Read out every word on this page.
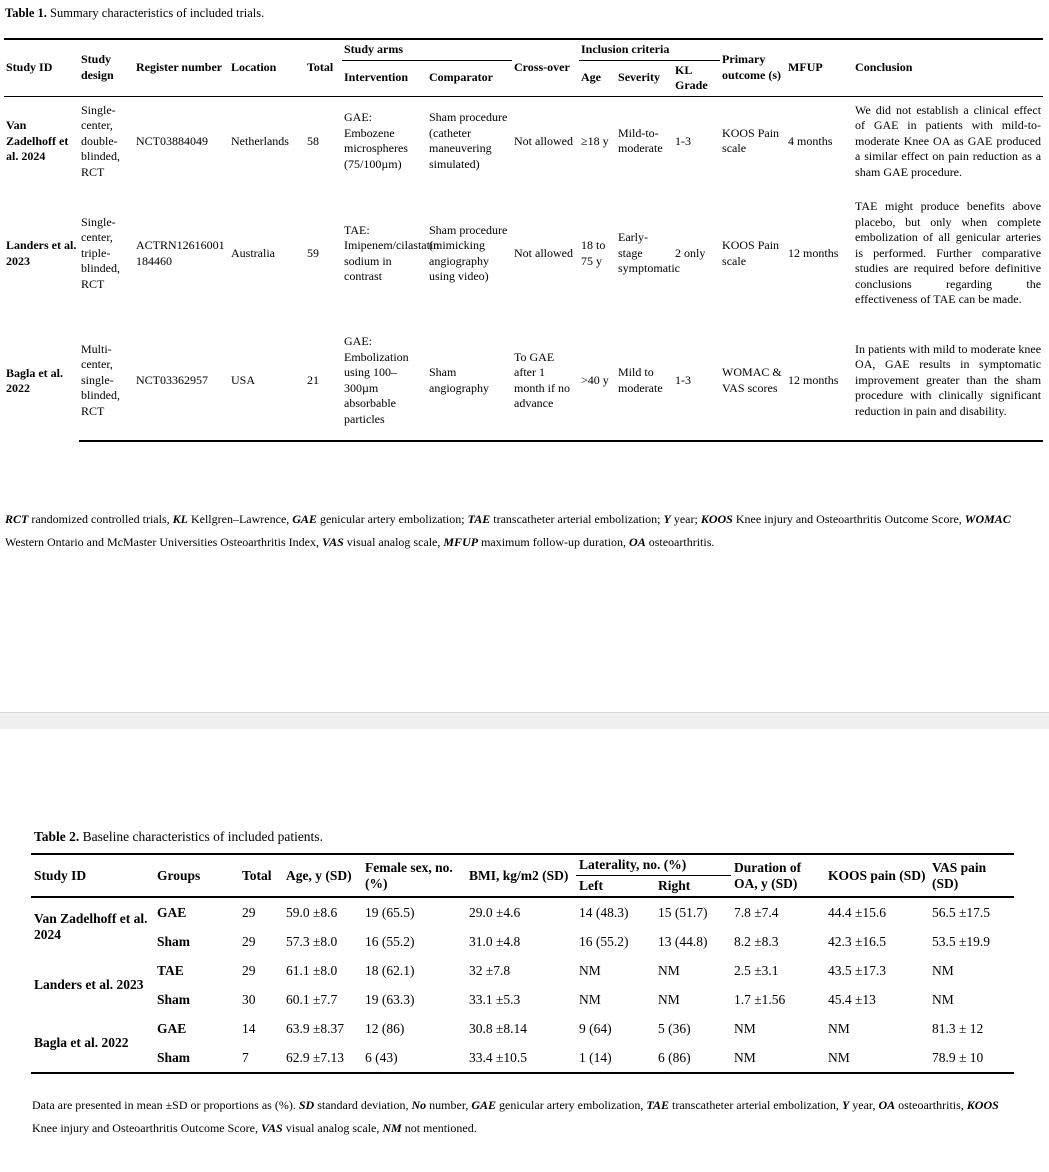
Table 1. Summary characteristics of included trials.
Study ID	Study design	Register number	Location	Total	Study arms		Cross-over	Inclusion criteria			Primary outcome (s)	MFUP	Conclusion
					Intervention	Comparator		Age	Severity	KL Grade			
Van Zadelhoff et al. 2024	Single-center, double-blinded, RCT	NCT03884049	Netherlands	58	GAE: Embozene microspheres (75/100µm)	Sham procedure (catheter maneuvering simulated)	Not allowed	≥18 y	Mild-to-moderate	1-3	KOOS Pain scale	4 months	We did not establish a clinical effect of GAE in patients with mild-to-moderate Knee OA as GAE produced a similar effect on pain reduction as a sham GAE procedure.
Landers et al. 2023	Single-center, triple-blinded, RCT	ACTRN12616001184460	Australia	59	TAE: Imipenem/cilastatin sodium in contrast	Sham procedure (mimicking angiography using video)	Not allowed	18 to 75 y	Early-stage symptomatic	2 only	KOOS Pain scale	12 months	TAE might produce benefits above placebo, but only when complete embolization of all genicular arteries is performed. Further comparative studies are required before definitive conclusions regarding the effectiveness of TAE can be made.
Bagla et al. 2022	Multi-center, single-blinded, RCT	NCT03362957	USA	21	GAE: Embolization using 100–300µm absorbable particles	Sham angiography	To GAE after 1 month if no advance	>40 y	Mild to moderate	1-3	WOMAC & VAS scores	12 months	In patients with mild to moderate knee OA, GAE results in symptomatic improvement greater than the sham procedure with clinically significant reduction in pain and disability.
RCT randomized controlled trials, KL Kellgren–Lawrence, GAE genicular artery embolization; TAE transcatheter arterial embolization; Y year; KOOS Knee injury and Osteoarthritis Outcome Score, WOMAC Western Ontario and McMaster Universities Osteoarthritis Index, VAS visual analog scale, MFUP maximum follow-up duration, OA osteoarthritis.
Table 2. Baseline characteristics of included patients.
Study ID	Groups	Total	Age, y (SD)	Female sex, no. (%)	BMI, kg/m2 (SD)	Laterality, no. (%)		Duration of OA, y (SD)	KOOS pain (SD)	VAS pain (SD)
						Left	Right			
Van Zadelhoff et al. 2024	GAE	29	59.0 ±8.6	19 (65.5)	29.0 ±4.6	14 (48.3)	15 (51.7)	7.8 ±7.4	44.4 ±15.6	56.5 ±17.5
	Sham	29	57.3 ±8.0	16 (55.2)	31.0 ±4.8	16 (55.2)	13 (44.8)	8.2 ±8.3	42.3 ±16.5	53.5 ±19.9
Landers et al. 2023	TAE	29	61.1 ±8.0	18 (62.1)	32 ±7.8	NM	NM	2.5 ±3.1	43.5 ±17.3	NM
	Sham	30	60.1 ±7.7	19 (63.3)	33.1 ±5.3	NM	NM	1.7 ±1.56	45.4 ±13	NM
Bagla et al. 2022	GAE	14	63.9 ±8.37	12 (86)	30.8 ±8.14	9 (64)	5 (36)	NM	NM	81.3 ± 12
	Sham	7	62.9 ±7.13	6 (43)	33.4 ±10.5	1 (14)	6 (86)	NM	NM	78.9 ± 10
Data are presented in mean ±SD or proportions as (%). SD standard deviation, No number, GAE genicular artery embolization, TAE transcatheter arterial embolization, Y year, OA osteoarthritis, KOOS Knee injury and Osteoarthritis Outcome Score, VAS visual analog scale, NM not mentioned.
